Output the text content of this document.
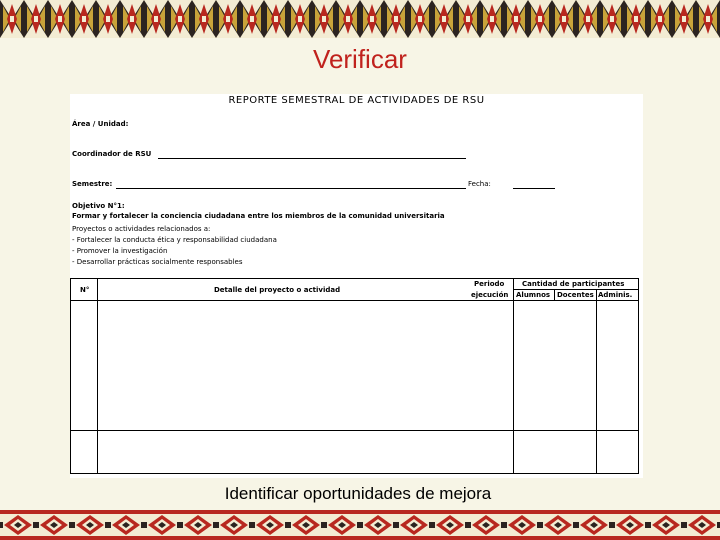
Verificar
REPORTE SEMESTRAL DE ACTIVIDADES DE RSU
Área / Unidad:
Coordinador de RSU
Semestre:	Fecha:
Objetivo N°1:
Formar y fortalecer la conciencia ciudadana entre los miembros de la comunidad universitaria
Proyectos o actividades relacionados a:
- Fortalecer la conducta ética y responsabilidad ciudadana
- Promover la investigación
- Desarrollar prácticas socialmente responsables
N°	Detalle del proyecto o actividad
Periodo
ejecución
Cantidad de participantes
Alumnos Docentes Adminis.
Identificar oportunidades de mejora
